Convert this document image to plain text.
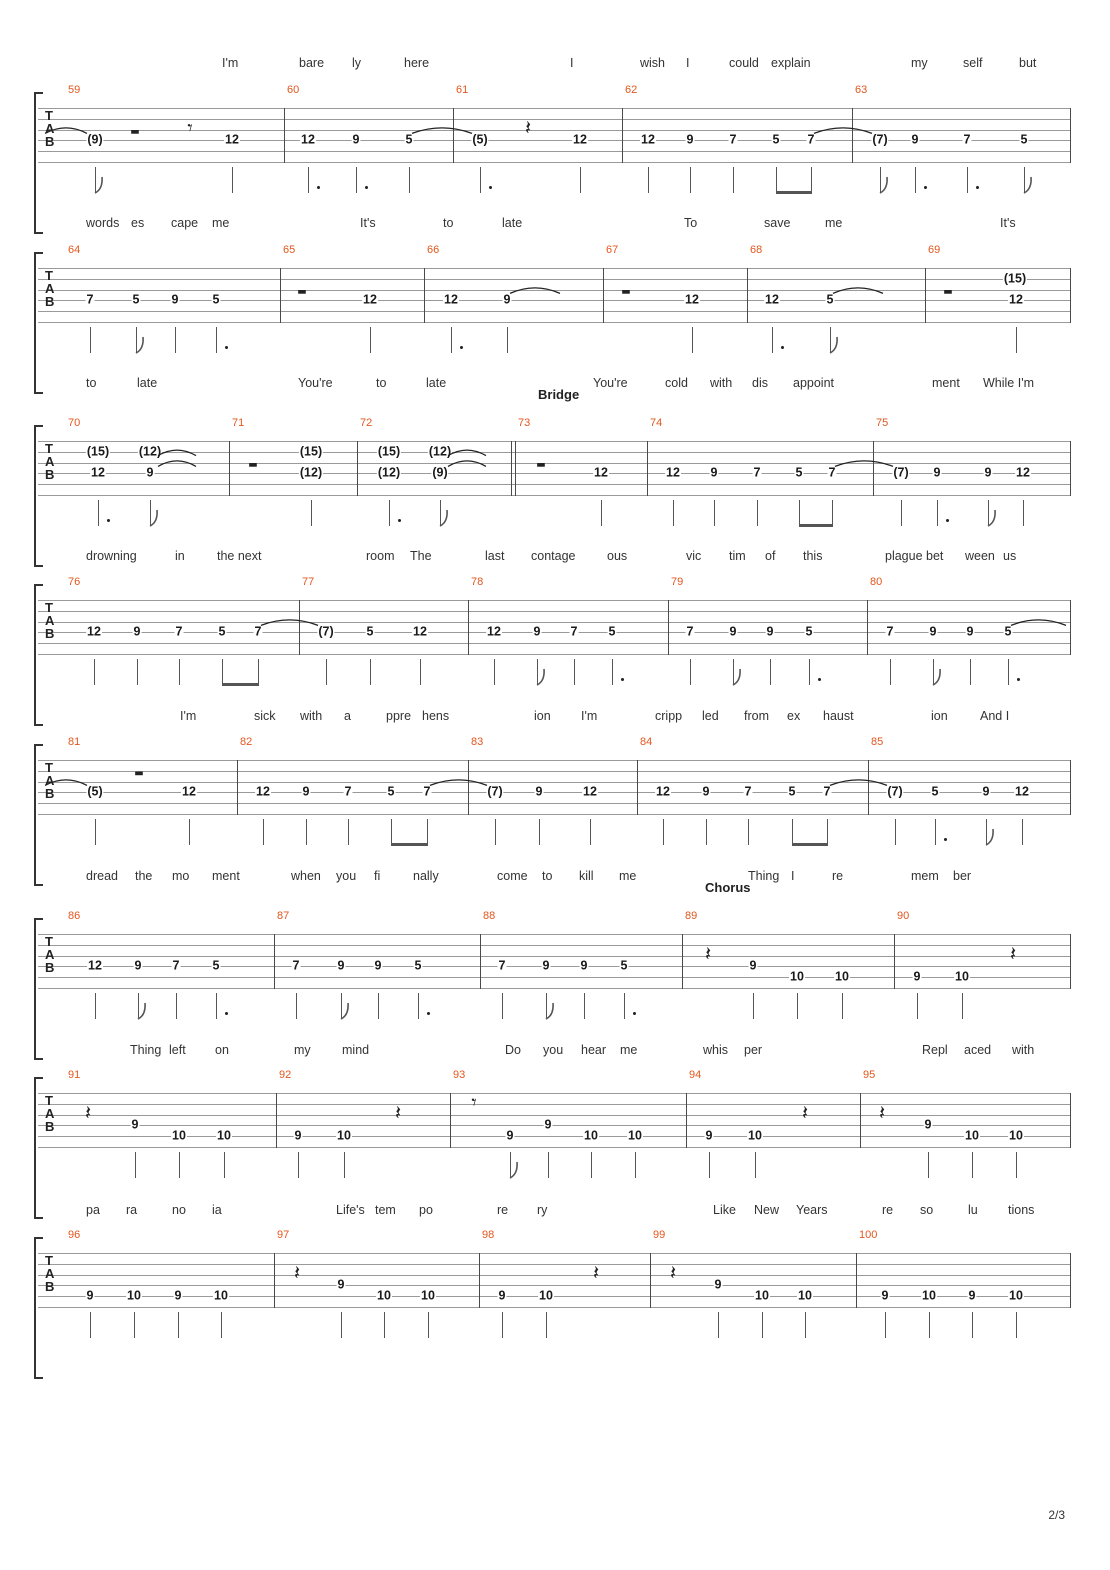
I'm	bare ly	here	I	wish I	could explain	my	self	but
T
A
B
59
(9)	12
60
12	9	5
61
(5)	12
62
12	9	7	5 7
63
(7) 9	7	5
words es cape me	It's	to	late	To	save	me	It's
T
A
B
64
7	5	9	5
65
12
66
12	9
67
12
68
12	5
69
(15)
12
to	late	You're	to	late	You're	cold with dis appoint	ment While I'm
Bridge
T
A
B
70
(15)
12
(12)
9
71
(15)
(12)
72
(15)
(12)
(12)
(9)
73
12
74
12 9	7	5 7
75
(7) 9	9 12
drowning	in	the next	room The	last contage	ous	vic tim of this	plague bet ween us
T
A
B
76
12	9	7	5 7
77
(7)	5	12
78
12	9 7 5
79
7	9 9	5
80
7	9 9 5
I'm	sick with a	ppre hens	ion I'm	cripp led from ex haust	ion	And I
T
A
B
81
(5)	12
82
12	9	7	5 7
83
(7)	9	12
84
12	9	7	5 7
85
(7) 5	9 12
dread the mo ment	when you fi	nally	come to kill me	Thing I	re	mem ber
Chorus
T
A
B
86
12	9 7	5
87
7	9 9	5
88
7	9 9	5
89
9
10 10
90
9	10
Thing left on	my	mind	Do you hear me	whis per	Repl aced with
T
A
B
91
9
10 10
92
9	10
93
9
9
10 10
94
9	10
95
9
10 10
pa ra	no ia	Life's tem po	re ry	Like New Years	re so	lu tions
T
A
B
96
9	10	9	10
97
9
10 10
98
9	10
99
9
10 10
100
9	10	9	10
▬ 𝄾	𝄽
▬	▬	▬
▬	▬
▬
𝄽	𝄽
𝄽	𝄽	𝄾	𝄽	𝄽
𝄽	𝄽	𝄽
2/3
